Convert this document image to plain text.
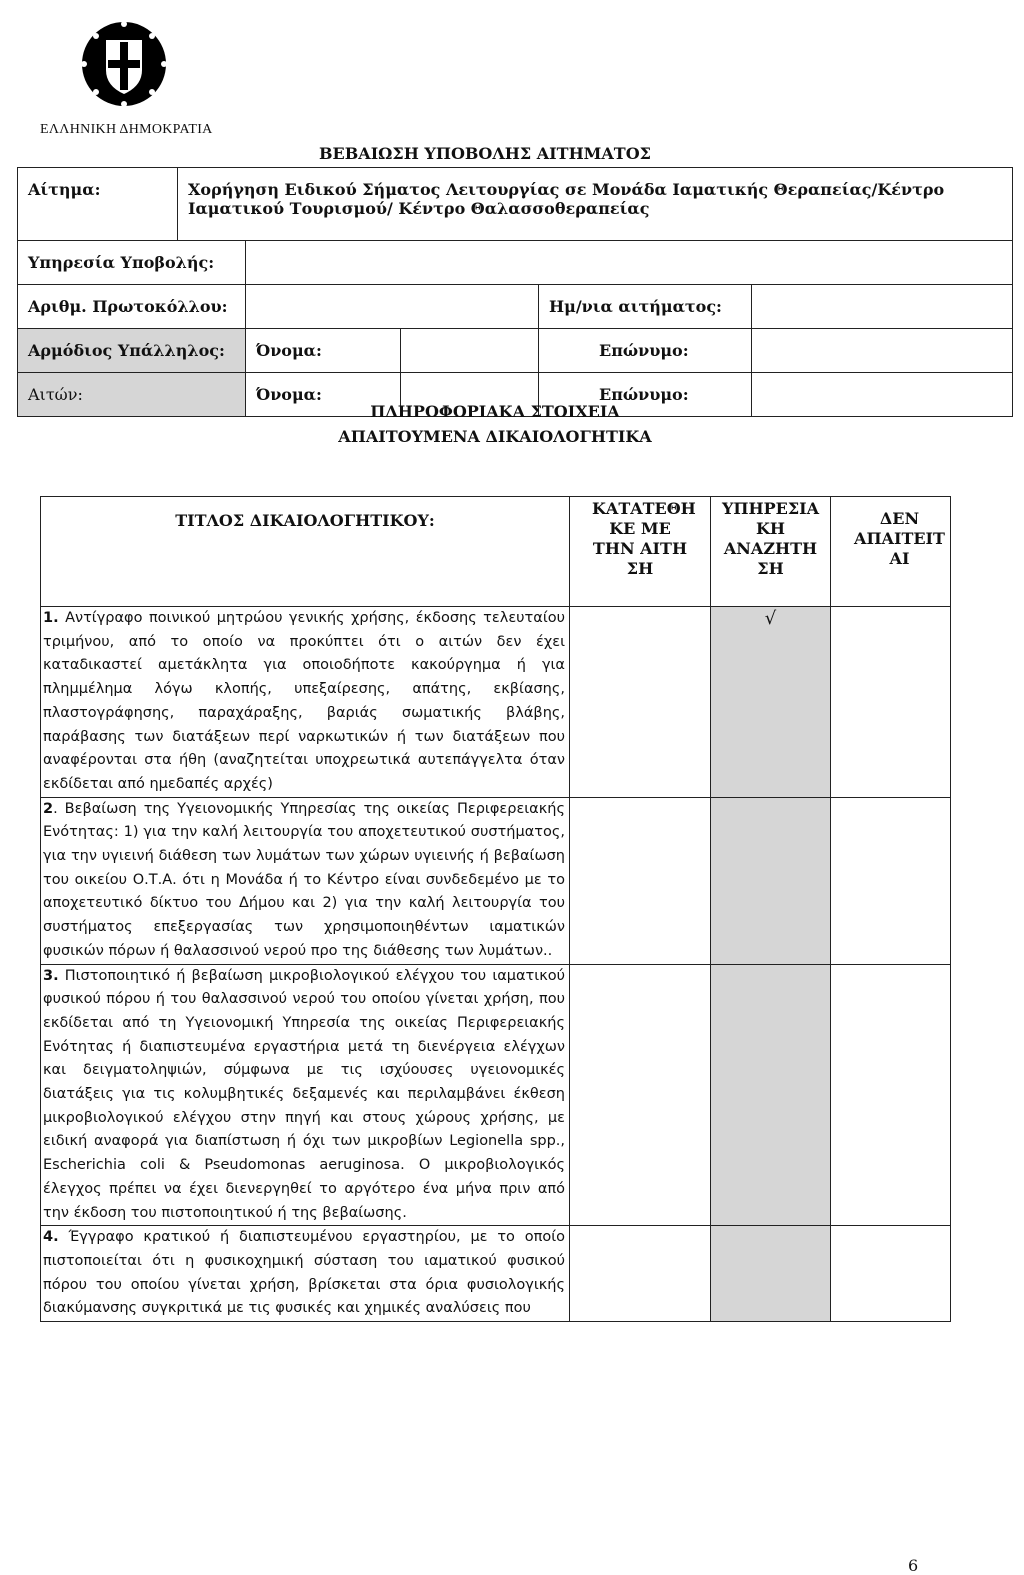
ΕΛΛΗΝΙΚΗ ΔΗΜΟΚΡΑΤΙΑ
ΒΕΒΑΙΩΣΗ ΥΠΟΒΟΛΗΣ ΑΙΤΗΜΑΤΟΣ
Αίτημα:	Χορήγηση Ειδικού Σήματος Λειτουργίας σε Μονάδα Ιαματικής Θεραπείας/Κέντρο Ιαματικού Τουρισμού/ Κέντρο Θαλασσοθεραπείας				
Υπηρεσία Υποβολής:					
Αριθμ. Πρωτοκόλλου:				Ημ/νια αιτήματος:	
Αρμόδιος Υπάλληλος:		Όνομα:		Επώνυμο:	
Αιτών:		Όνομα:		Επώνυμο:	
ΠΛΗΡΟΦΟΡΙΑΚΑ ΣΤΟΙΧΕΙΑ
ΑΠΑΙΤΟΥΜΕΝΑ ΔΙΚΑΙΟΛΟΓΗΤΙΚΑ
ΤΙΤΛΟΣ ΔΙΚΑΙΟΛΟΓΗΤΙΚΟΥ:	ΚΑΤΑΤΕΘΗ ΚΕ ΜΕ ΤΗΝ ΑΙΤΗ ΣΗ	ΥΠΗΡΕΣΙΑ ΚΗ ΑΝΑΖΗΤΗ ΣΗ	ΔΕΝ ΑΠΑΙΤΕΙΤ ΑΙ
1. Αντίγραφο ποινικού μητρώου γενικής χρήσης, έκδοσης τελευταίου τριμήνου, από το οποίο να προκύπτει ότι ο αιτών δεν έχει καταδικαστεί αμετάκλητα για οποιοδήποτε κακούργημα ή για πλημμέλημα λόγω κλοπής, υπεξαίρεσης, απάτης, εκβίασης, πλαστογράφησης, παραχάραξης, βαριάς σωματικής βλάβης, παράβασης των διατάξεων περί ναρκωτικών ή των διατάξεων που αναφέρονται στα ήθη (αναζητείται υποχρεωτικά αυτεπάγγελτα όταν εκδίδεται από ημεδαπές αρχές)		√	

2. Βεβαίωση της Υγειονομικής Υπηρεσίας της οικείας Περιφερειακής Ενότητας: 1) για την καλή λειτουργία του αποχετευτικού συστήματος, για την υγιεινή διάθεση των λυμάτων των χώρων υγιεινής ή βεβαίωση του οικείου Ο.Τ.Α. ότι η Μονάδα ή το Κέντρο είναι συνδεδεμένο με το αποχετευτικό δίκτυο του Δήμου και 2) για την καλή λειτουργία του συστήματος επεξεργασίας των χρησιμοποιηθέντων ιαματικών φυσικών πόρων ή θαλασσινού νερού προ της διάθεσης των λυμάτων..			
3. Πιστοποιητικό ή βεβαίωση μικροβιολογικού ελέγχου του ιαματικού φυσικού πόρου ή του θαλασσινού νερού του οποίου γίνεται χρήση, που εκδίδεται από τη Υγειονομική Υπηρεσία της οικείας Περιφερειακής Ενότητας ή διαπιστευμένα εργαστήρια μετά τη διενέργεια ελέγχων και δειγματοληψιών, σύμφωνα με τις ισχύουσες υγειονομικές διατάξεις για τις κολυμβητικές δεξαμενές και περιλαμβάνει έκθεση μικροβιολογικού ελέγχου στην πηγή και στους χώρους χρήσης, με ειδική αναφορά για διαπίστωση ή όχι των μικροβίων Legionella spp., Escherichia coli & Pseudomonas aeruginosa. Ο μικροβιολογικός έλεγχος πρέπει να έχει διενεργηθεί το αργότερο ένα μήνα πριν από την έκδοση του πιστοποιητικού ή της βεβαίωσης.			
4. Έγγραφο κρατικού ή διαπιστευμένου εργαστηρίου, με το οποίο πιστοποιείται ότι η φυσικοχημική σύσταση του ιαματικού φυσικού πόρου του οποίου γίνεται χρήση, βρίσκεται στα όρια φυσιολογικής διακύμανσης συγκριτικά με τις φυσικές και χημικές αναλύσεις που			
6
